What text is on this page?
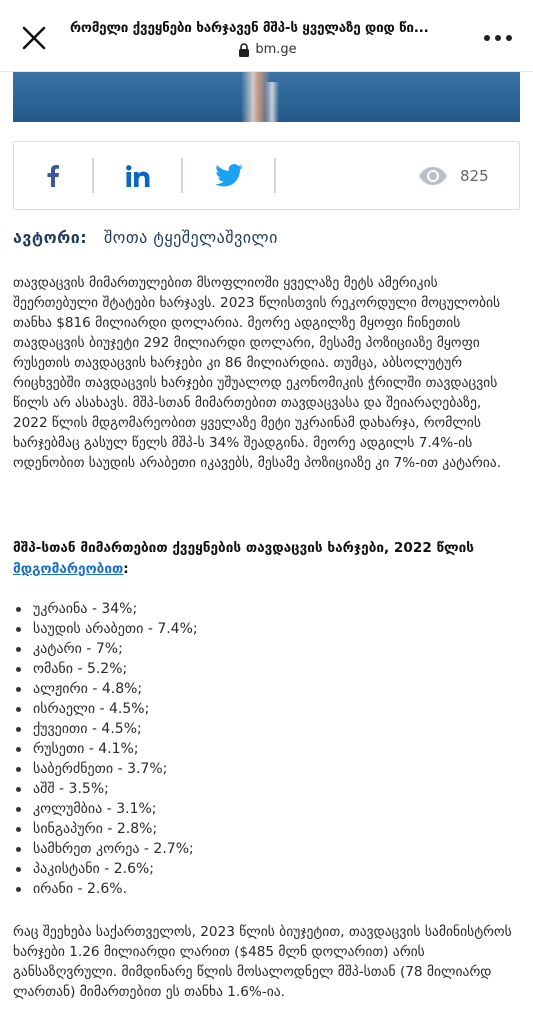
რომელი ქვეყნები ხარჯავენ მშპ-ს ყველაზე დიდ წი...
bm.ge
825
ავტორი: შოთა ტყეშელაშვილი

თავდაცვის მიმართულებით მსოფლიოში ყველაზე მეტს ამერიკის შეერთებული შტატები ხარჯავს. 2023 წლისთვის რეკორდული მოცულობის თანხა $816 მილიარდი დოლარია. მეორე ადგილზე მყოფი ჩინეთის თავდაცვის ბიუჯეტი 292 მილიარდი დოლარი, მესამე პოზიციაზე მყოფი რუსეთის თავდაცვის ხარჯები კი 86 მილიარდია. თუმცა, აბსოლუტურ რიცხვებში თავდაცვის ხარჯები უშუალოდ ეკონომიკის ჭრილში თავდაცვის წილს არ ასახავს. მშპ-სთან მიმართებით თავდაცვასა და შეიარაღებაზე, 2022 წლის მდგომარეობით ყველაზე მეტი უკრაინამ დახარჯა, რომლის ხარჯებმაც გასულ წელს მშპ-ს 34% შეადგინა. მეორე ადგილს 7.4%-ის ოდენობით საუდის არაბეთი იკავებს, მესამე პოზიციაზე კი 7%-ით კატარია.

მშპ-სთან მიმართებით ქვეყნების თავდაცვის ხარჯები, 2022 წლის მდგომარეობით:
უკრაინა - 34%;
საუდის არაბეთი - 7.4%;
კატარი - 7%;
ომანი - 5.2%;
ალჟირი - 4.8%;
ისრაელი - 4.5%;
ქუვეითი - 4.5%;
რუსეთი - 4.1%;
საბერძნეთი - 3.7%;
აშშ - 3.5%;
კოლუმბია - 3.1%;
სინგაპური - 2.8%;
სამხრეთ კორეა - 2.7%;
პაკისტანი - 2.6%;
ირანი - 2.6%.

რაც შეეხება საქართველოს, 2023 წლის ბიუჯეტით, თავდაცვის სამინისტროს ხარჯები 1.26 მილიარდი ლარით ($485 მლნ დოლარით) არის განსაზღვრული. მიმდინარე წლის მოსალოდნელ მშპ-სთან (78 მილიარდ ლართან) მიმართებით ეს თანხა 1.6%-ია.
